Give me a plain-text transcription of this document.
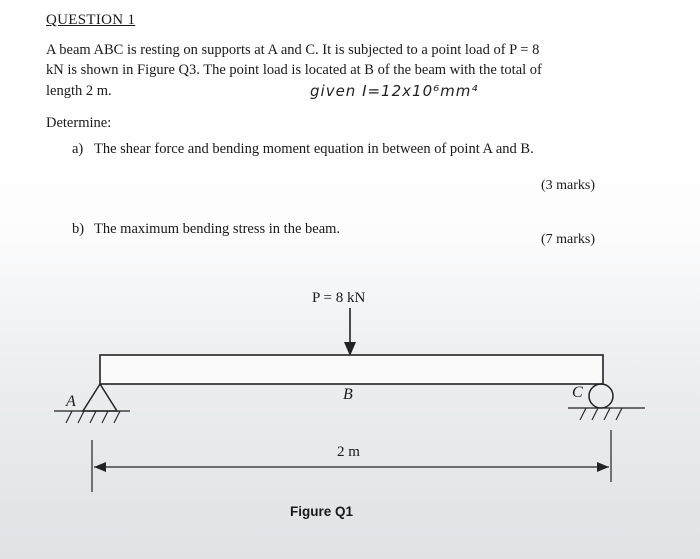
QUESTION 1
A beam ABC is resting on supports at A and C. It is subjected to a point load of P = 8
kN is shown in Figure Q3. The point load is located at B of the beam with the total of
length 2 m.	given I=12x10⁶mm⁴
Determine:
a) The shear force and bending moment equation in between of point A and B.
(3 marks)
b) The maximum bending stress in the beam.
(7 marks)
P = 8 kN
B
A
C
2 m
Figure Q1
